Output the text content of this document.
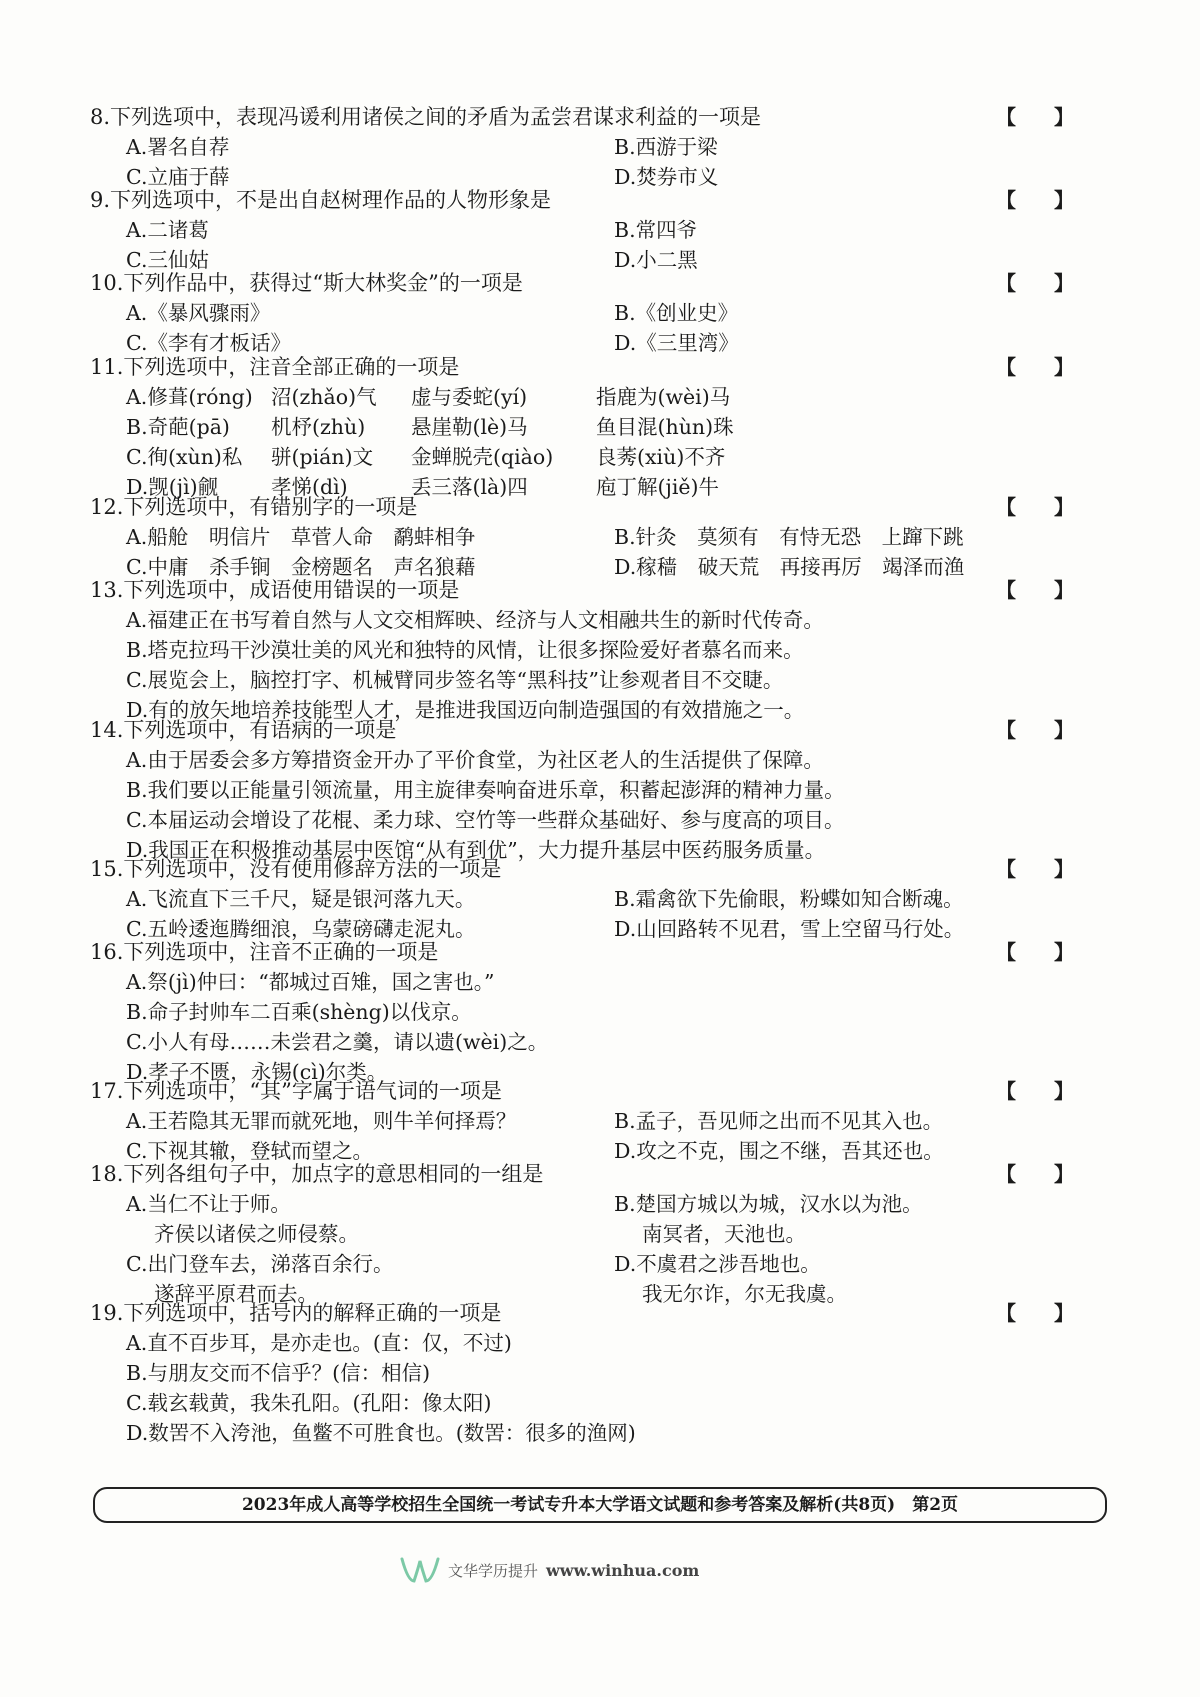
8.下列选项中，表现冯谖利用诸侯之间的矛盾为孟尝君谋求利益的一项是	【】
A.署名自荐	B.西游于梁
C.立庙于薛	D.焚券市义
9.下列选项中，不是出自赵树理作品的人物形象是	【】
A.二诸葛	B.常四爷
C.三仙姑	D.小二黑
10.下列作品中，获得过“斯大林奖金”的一项是	【】
A.《暴风骤雨》	B.《创业史》
C.《李有才板话》	D.《三里湾》
11.下列选项中，注音全部正确的一项是	【】
A.修葺(róng) 沼(zhǎo)气	虚与委蛇(yí)	指鹿为(wèi)马
B.奇葩(pā)	机杼(zhù)	悬崖勒(lè)马	鱼目混(hùn)珠
C.徇(xùn)私	骈(pián)文	金蝉脱壳(qiào)	良莠(xiù)不齐
D.觊(jì)觎	孝悌(dì)	丢三落(là)四	庖丁解(jiě)牛
12.下列选项中，有错别字的一项是	【】
A.船舱　明信片　草菅人命　鹬蚌相争	B.针灸　莫须有　有恃无恐　上蹿下跳
C.中庸　杀手锏　金榜题名　声名狼藉	D.稼穑　破天荒　再接再厉　竭泽而渔
13.下列选项中，成语使用错误的一项是	【】
A.福建正在书写着自然与人文交相辉映、经济与人文相融共生的新时代传奇。
B.塔克拉玛干沙漠壮美的风光和独特的风情，让很多探险爱好者慕名而来。
C.展览会上，脑控打字、机械臂同步签名等“黑科技”让参观者目不交睫。
D.有的放矢地培养技能型人才，是推进我国迈向制造强国的有效措施之一。
14.下列选项中，有语病的一项是	【】
A.由于居委会多方筹措资金开办了平价食堂，为社区老人的生活提供了保障。
B.我们要以正能量引领流量，用主旋律奏响奋进乐章，积蓄起澎湃的精神力量。
C.本届运动会增设了花棍、柔力球、空竹等一些群众基础好、参与度高的项目。
D.我国正在积极推动基层中医馆“从有到优”，大力提升基层中医药服务质量。
15.下列选项中，没有使用修辞方法的一项是	【】
A.飞流直下三千尺，疑是银河落九天。	B.霜禽欲下先偷眼，粉蝶如知合断魂。
C.五岭逶迤腾细浪，乌蒙磅礴走泥丸。	D.山回路转不见君，雪上空留马行处。
16.下列选项中，注音不正确的一项是	【】
A.祭(jì)仲曰：“都城过百雉，国之害也。”
B.命子封帅车二百乘(shèng)以伐京。
C.小人有母……未尝君之羹，请以遗(wèi)之。
D.孝子不匮，永锡(cì)尔类。
17.下列选项中，“其”字属于语气词的一项是	【】
A.王若隐其无罪而就死地，则牛羊何择焉？	B.孟子，吾见师之出而不见其入也。
C.下视其辙，登轼而望之。	D.攻之不克，围之不继，吾其还也。
18.下列各组句子中，加点字的意思相同的一组是	【】
A.当仁不让于师。
齐侯以诸侯之师侵蔡。
B.楚国方城以为城，汉水以为池。
南冥者，天池也。
C.出门登车去，涕落百余行。
遂辞平原君而去。
D.不虞君之涉吾地也。
我无尔诈，尔无我虞。
19.下列选项中，括号内的解释正确的一项是	【】
A.直不百步耳，是亦走也。(直：仅，不过)
B.与朋友交而不信乎？(信：相信)
C.载玄载黄，我朱孔阳。(孔阳：像太阳)
D.数罟不入洿池，鱼鳖不可胜食也。(数罟：很多的渔网)
2023年成人高等学校招生全国统一考试专升本大学语文试题和参考答案及解析(共8页)　第2页
文华学历提升 www.winhua.com
